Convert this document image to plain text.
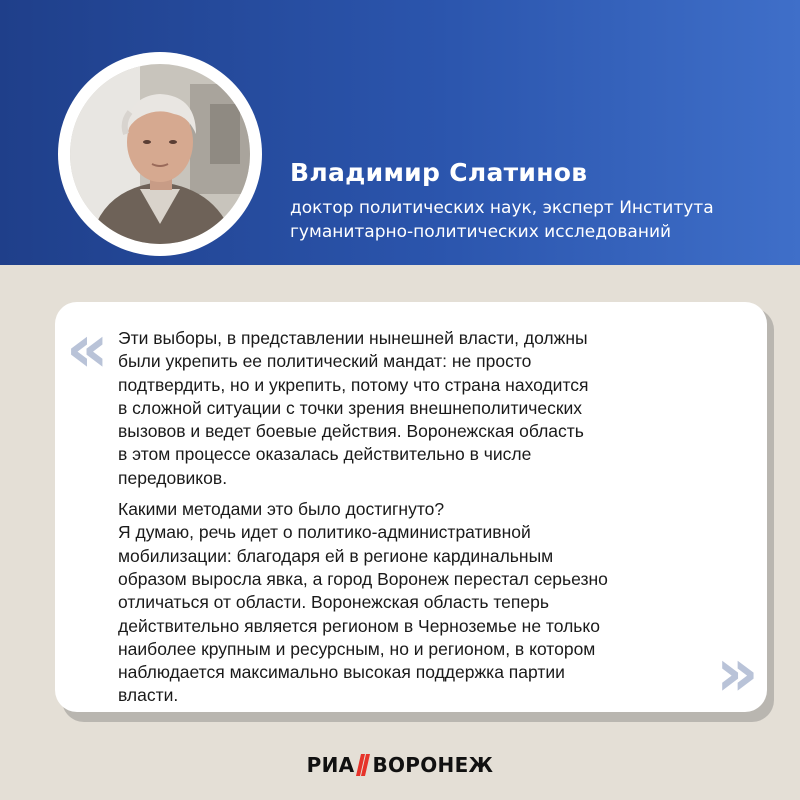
Владимир Слатинов
доктор политических наук, эксперт Института
гуманитарно-политических исследований
« Эти выборы, в представлении нынешней власти, должны
были укрепить ее политический мандат: не просто
подтвердить, но и укрепить, потому что страна находится
в сложной ситуации с точки зрения внешнеполитических
вызовов и ведет боевые действия. Воронежская область
в этом процессе оказалась действительно в числе
передовиков.
Какими методами это было достигнуто?
Я думаю, речь идет о политико-административной
мобилизации: благодаря ей в регионе кардинальным
образом выросла явка, а город Воронеж перестал серьезно
отличаться от области. Воронежская область теперь
действительно является регионом в Черноземье не только
наиболее крупным и ресурсным, но и регионом, в котором
наблюдается максимально высокая поддержка партии
власти.	»
РИА ВОРОНЕЖ
